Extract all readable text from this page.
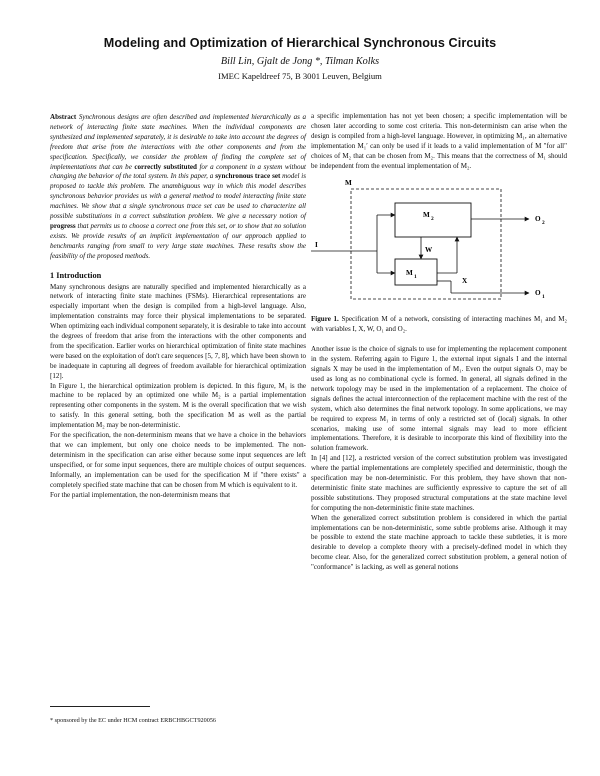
Modeling and Optimization of Hierarchical Synchronous Circuits
Bill Lin, Gjalt de Jong *, Tilman Kolks
IMEC Kapeldreef 75, B 3001 Leuven, Belgium

Abstract Synchronous designs are often described and implemented hierarchically as a network of interacting finite state machines. When the individual components are synthesized and implemented separately, it is desirable to take into account the degrees of freedom that arise from the interactions with the other components and from the specification. Specifically, we consider the problem of finding the complete set of implementations that can be correctly substituted for a component in a system without changing the behavior of the total system. In this paper, a synchronous trace set model is proposed to tackle this problem. The unambiguous way in which this model describes synchronous behavior provides us with a general method to model interacting finite state machines. We show that a single synchronous trace set can be used to characterize all possible substitutions in a correct substitution problem. We give a necessary notion of progress that permits us to choose a correct one from this set, or to show that no solution exists. We provide results of an implicit implementation of our approach applied to benchmarks ranging from small to very large state machines. These results show the feasibility of the proposed methods.

1 Introduction

Many synchronous designs are naturally specified and implemented hierarchically as a network of interacting finite state machines (FSMs). Hierarchical representations are especially important when the design is compiled from a high-level language. Also, implementation constraints may force their physical implementations to be separated. When optimizing each individual component separately, it is desirable to take into account the degrees of freedom that arise from the interactions with the other components and from the specification. Earlier works on hierarchical optimization of finite state machines were based on the exploitation of don't care sequences [5, 7, 8], which have been shown to be inadequate in capturing all degrees of freedom available for hierarchical optimization [12].

In Figure 1, the hierarchical optimization problem is depicted. In this figure, M₁ is the machine to be replaced by an optimized one while M₂ is a partial implementation representing other components in the system. M is the overall specification that we wish to satisfy. In this general setting, both the specification M as well as the partial implementation M₂ may be non-deterministic.

For the specification, the non-determinism means that we have a choice in the behaviors that we can implement, but only one choice needs to be implemented. The non-determinism in the specification can arise either because some input sequences are left unspecified, or for some input sequences, there are multiple choices of output sequences. Informally, an implementation can be used for the specification M if "there exists" a completely specified state machine that can be chosen from M which is equivalent to it.

For the partial implementation, the non-determinism means that

a specific implementation has not yet been chosen; a specific implementation will be chosen later according to some cost criteria. This non-determinism can arise when the design is compiled from a high-level language. However, in optimizing M₁, an alternative implementation M₁′ can only be used if it leads to a valid implementation of M "for all" choices of M₂ that can be chosen from M₂. This means that the correctness of M₁ should be independent from the eventual implementation of M₂.

M
I
M 2
W
M 1	X
O 2
O 1

Figure 1. Specification M of a network, consisting of interacting machines M₁ and M₂ with variables I, X, W, O₁ and O₂.

Another issue is the choice of signals to use for implementing the replacement component in the system. Referring again to Figure 1, the external input signals I and the internal signals X may be used in the implementation of M₁. Even the output signals O₁ may be used as long as no combinational cycle is formed. In general, all signals defined in the network topology may be used in the implementation of a replacement. The choice of signals defines the actual interconnection of the replacement machine with the rest of the system, which also determines the final network topology. In some applications, we may be required to express M₁ in terms of only a restricted set of (local) signals. In other scenarios, making use of some internal signals may lead to more efficient implementations. Therefore, it is desirable to incorporate this kind of flexibility into the solution framework.

In [4] and [12], a restricted version of the correct substitution problem was investigated where the partial implementations are completely specified and deterministic, though the specification may be non-deterministic. For this problem, they have shown that non-deterministic finite state machines are sufficiently expressive to capture the set of all possible substitutions. They proposed structural computations at the state machine level for computing the non-deterministic finite state machines.

When the generalized correct substitution problem is considered in which the partial implementations can be non-deterministic, some subtle problems arise. Although it may be possible to extend the state machine approach to tackle these subtleties, it is more desirable to develop a complete theory with a precisely-defined model in which they become clear. Also, for the generalized correct substitution problem, a general notion of "conformance" is lacking, as well as general notions

* sponsored by the EC under HCM contract ERBCHBGCT920056
